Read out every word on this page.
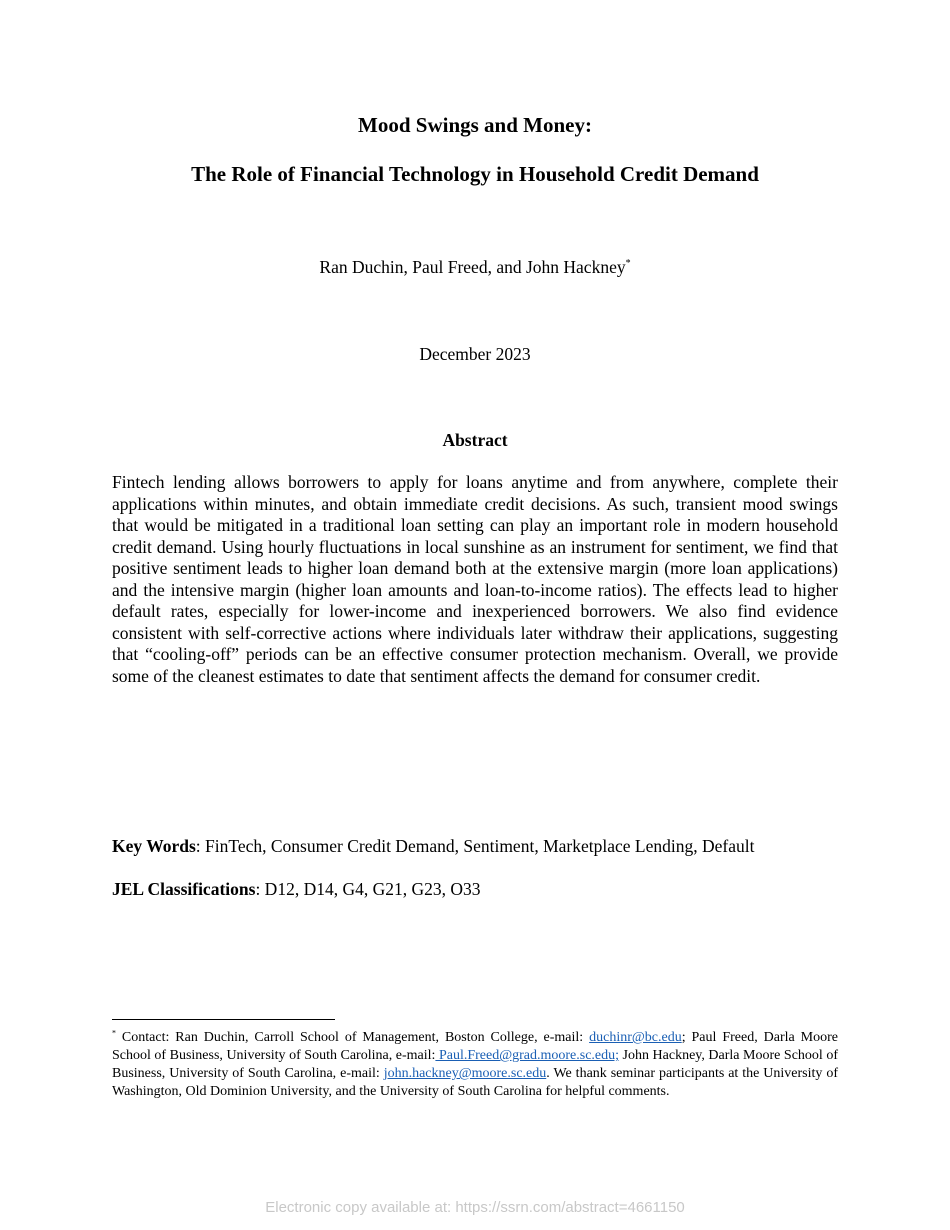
Mood Swings and Money:
The Role of Financial Technology in Household Credit Demand
Ran Duchin, Paul Freed, and John Hackney*
December 2023
Abstract
Fintech lending allows borrowers to apply for loans anytime and from anywhere, complete their applications within minutes, and obtain immediate credit decisions. As such, transient mood swings that would be mitigated in a traditional loan setting can play an important role in modern household credit demand. Using hourly fluctuations in local sunshine as an instrument for sentiment, we find that positive sentiment leads to higher loan demand both at the extensive margin (more loan applications) and the intensive margin (higher loan amounts and loan-to-income ratios). The effects lead to higher default rates, especially for lower-income and inexperienced borrowers. We also find evidence consistent with self-corrective actions where individuals later withdraw their applications, suggesting that “cooling-off” periods can be an effective consumer protection mechanism. Overall, we provide some of the cleanest estimates to date that sentiment affects the demand for consumer credit.
Key Words: FinTech, Consumer Credit Demand, Sentiment, Marketplace Lending, Default
JEL Classifications: D12, D14, G4, G21, G23, O33
* Contact: Ran Duchin, Carroll School of Management, Boston College, e-mail: duchinr@bc.edu; Paul Freed, Darla Moore School of Business, University of South Carolina, e-mail: Paul.Freed@grad.moore.sc.edu; John Hackney, Darla Moore School of Business, University of South Carolina, e-mail: john.hackney@moore.sc.edu. We thank seminar participants at the University of Washington, Old Dominion University, and the University of South Carolina for helpful comments.
Electronic copy available at: https://ssrn.com/abstract=4661150
